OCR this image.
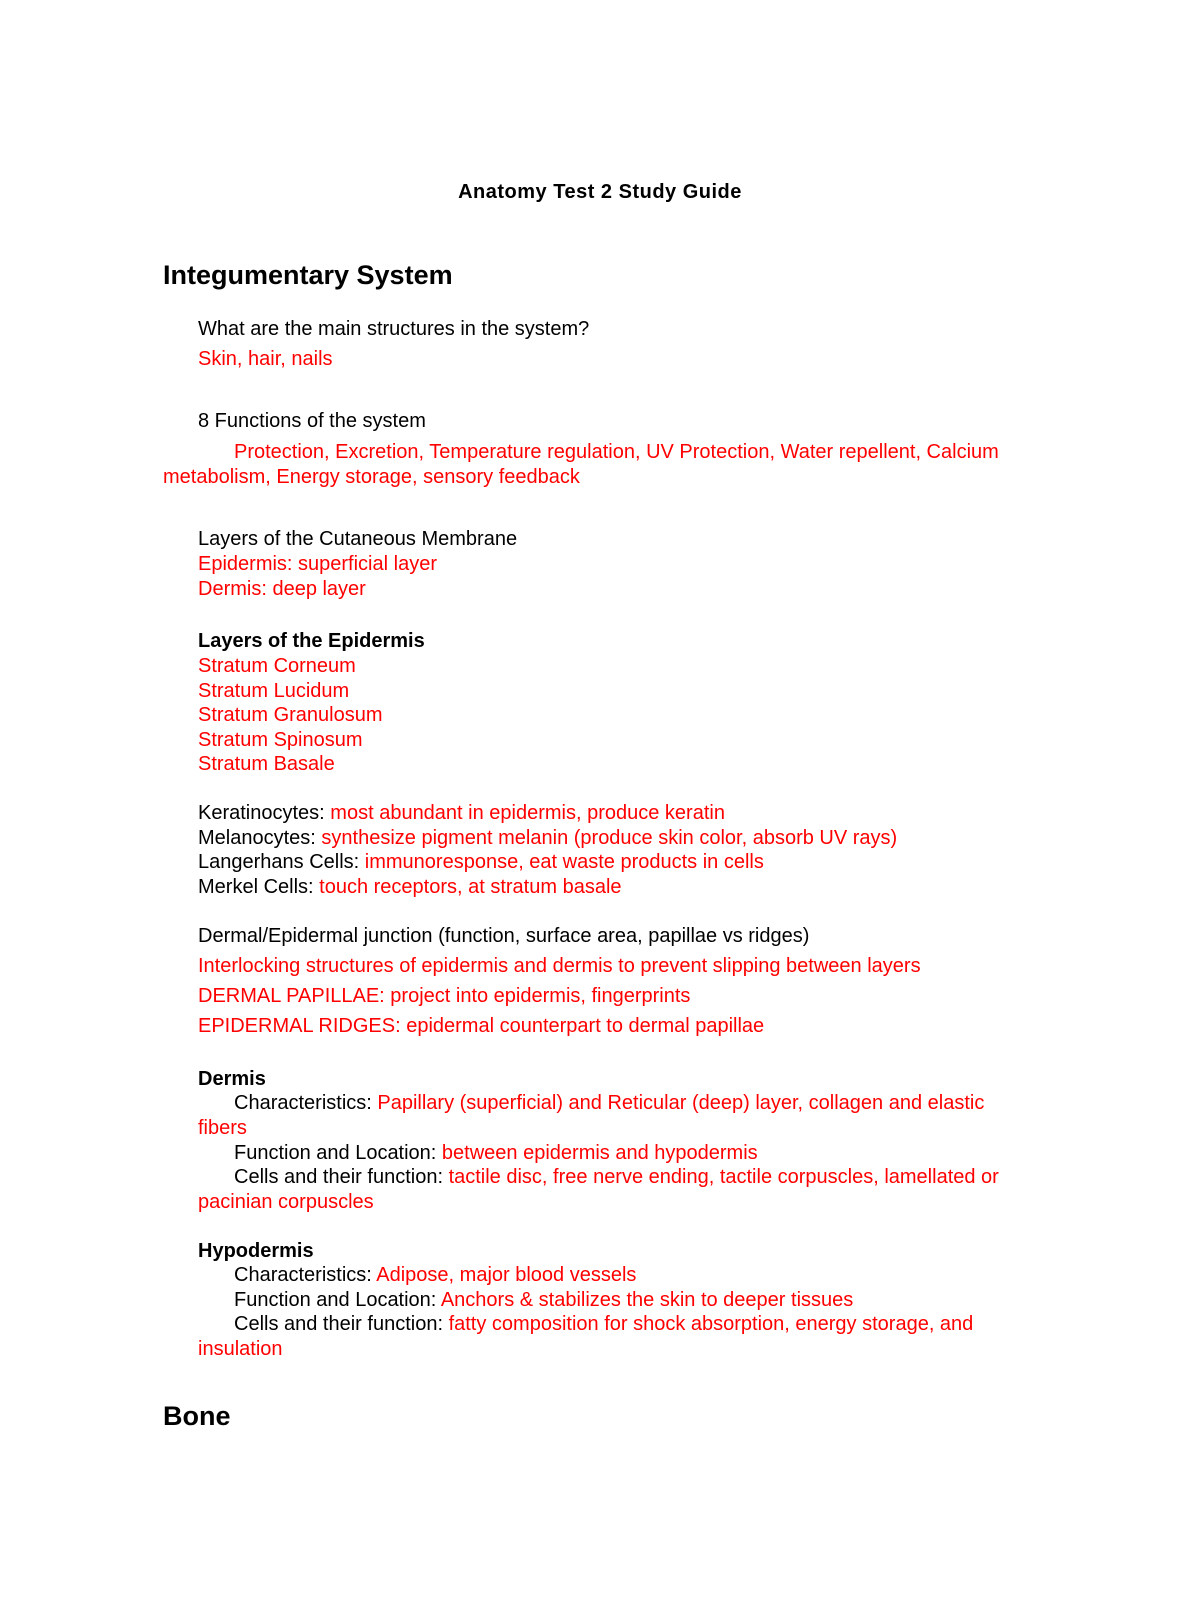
Anatomy Test 2 Study Guide
Integumentary System
What are the main structures in the system?
Skin, hair, nails
8 Functions of the system
Protection, Excretion, Temperature regulation, UV Protection, Water repellent, Calcium
metabolism, Energy storage, sensory feedback
Layers of the Cutaneous Membrane
Epidermis: superficial layer
Dermis: deep layer
Layers of the Epidermis
Stratum Corneum
Stratum Lucidum
Stratum Granulosum
Stratum Spinosum
Stratum Basale
Keratinocytes: most abundant in epidermis, produce keratin
Melanocytes: synthesize pigment melanin (produce skin color, absorb UV rays)
Langerhans Cells: immunoresponse, eat waste products in cells
Merkel Cells: touch receptors, at stratum basale
Dermal/Epidermal junction (function, surface area, papillae vs ridges)
Interlocking structures of epidermis and dermis to prevent slipping between layers
DERMAL PAPILLAE: project into epidermis, fingerprints
EPIDERMAL RIDGES: epidermal counterpart to dermal papillae
Dermis
Characteristics: Papillary (superficial) and Reticular (deep) layer, collagen and elastic
fibers
Function and Location: between epidermis and hypodermis
Cells and their function: tactile disc, free nerve ending, tactile corpuscles, lamellated or
pacinian corpuscles
Hypodermis
Characteristics: Adipose, major blood vessels
Function and Location: Anchors & stabilizes the skin to deeper tissues
Cells and their function: fatty composition for shock absorption, energy storage, and
insulation
Bone
